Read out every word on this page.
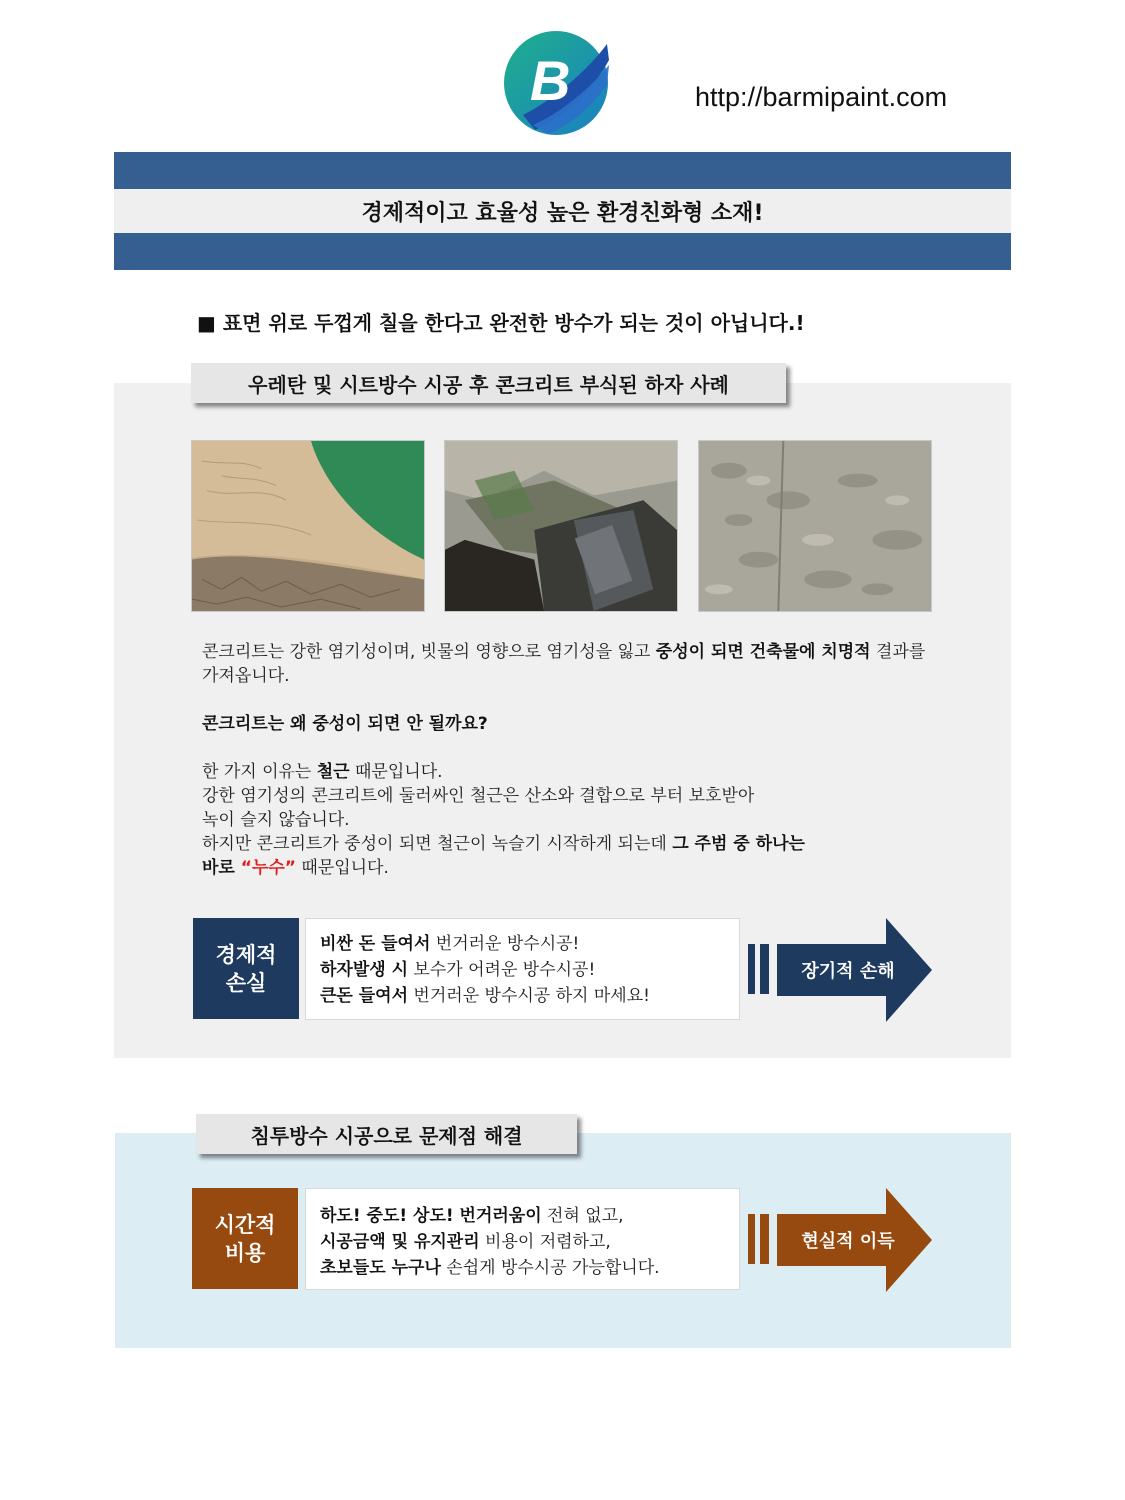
B	http://barmipaint.com
경제적이고 효율성 높은 환경친화형 소재!
■ 표면 위로 두껍게 칠을 한다고 완전한 방수가 되는 것이 아닙니다.!
우레탄 및 시트방수 시공 후 콘크리트 부식된 하자 사례

콘크리트는 강한 염기성이며, 빗물의 영향으로 염기성을 잃고 중성이 되면 건축물에 치명적 결과를 가져옵니다.

콘크리트는 왜 중성이 되면 안 될까요?

한 가지 이유는 철근 때문입니다.

강한 염기성의 콘크리트에 둘러싸인 철근은 산소와 결합으로 부터 보호받아

녹이 슬지 않습니다.

하지만 콘크리트가 중성이 되면 철근이 녹슬기 시작하게 되는데 그 주범 중 하나는

바로 “누수” 때문입니다.

경제적
손실
비싼 돈 들여서 번거러운 방수시공!
하자발생 시 보수가 어려운 방수시공!
큰돈 들여서 번거러운 방수시공 하지 마세요!
장기적 손해
침투방수 시공으로 문제점 해결
시간적
비용
하도! 중도! 상도! 번거러움이 전혀 없고,
시공금액 및 유지관리 비용이 저렴하고,
초보들도 누구나 손쉽게 방수시공 가능합니다.
현실적 이득
